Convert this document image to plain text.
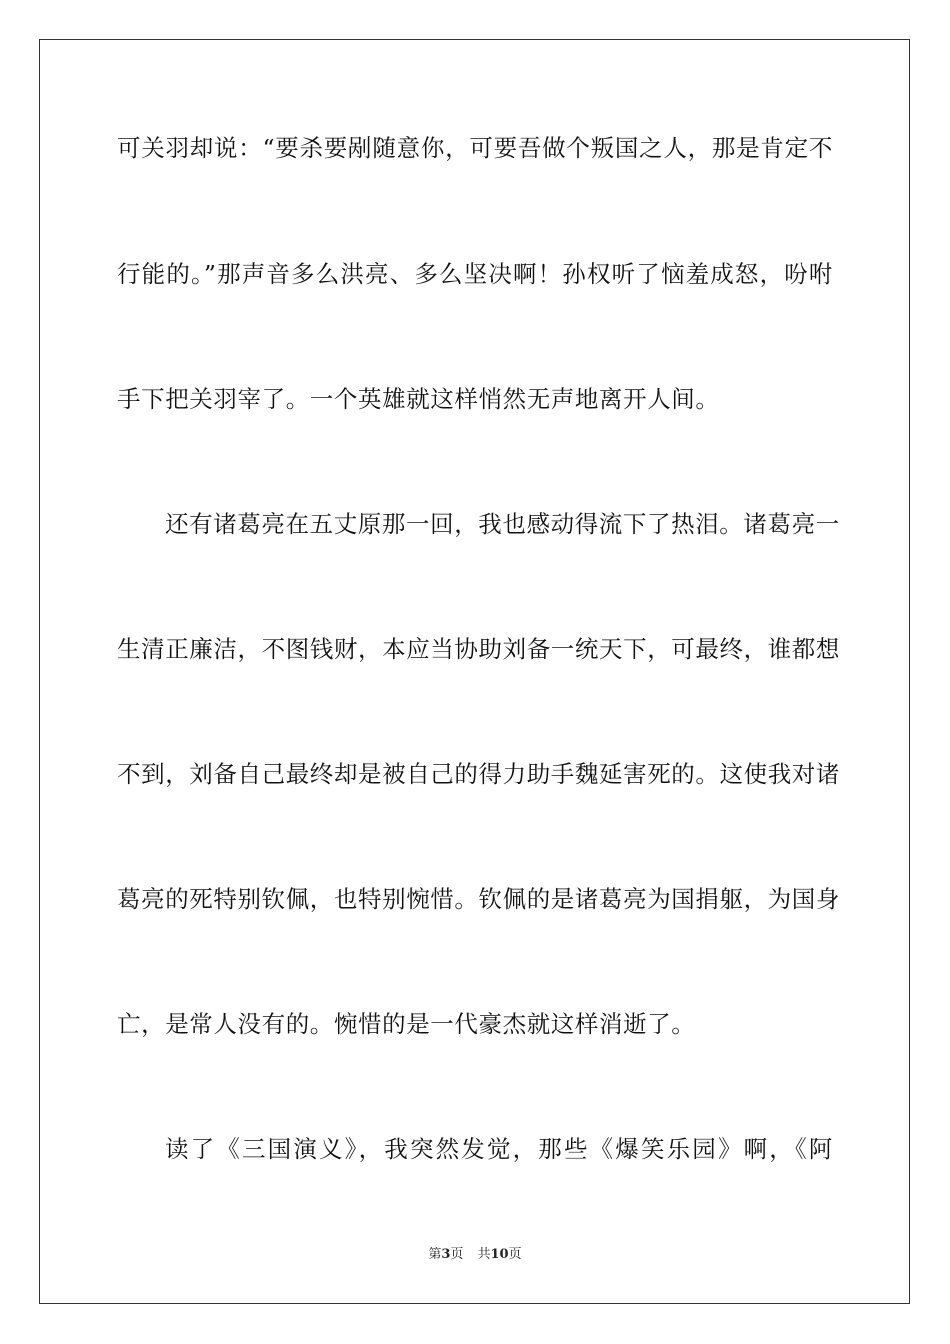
可关羽却说：“要杀要剐随意你，可要吾做个叛国之人，那是肯定不
行能的。”那声音多么洪亮、多么坚决啊！孙权听了恼羞成怒，吩咐
手下把关羽宰了。一个英雄就这样悄然无声地离开人间。
还有诸葛亮在五丈原那一回，我也感动得流下了热泪。诸葛亮一
生清正廉洁，不图钱财，本应当协助刘备一统天下，可最终，谁都想
不到，刘备自己最终却是被自己的得力助手魏延害死的。这使我对诸
葛亮的死特别钦佩，也特别惋惜。钦佩的是诸葛亮为国捐躯，为国身
亡，是常人没有的。惋惜的是一代豪杰就这样消逝了。
读了《三国演义》，我突然发觉，那些《爆笑乐园》啊，《阿
第3页 共10页
